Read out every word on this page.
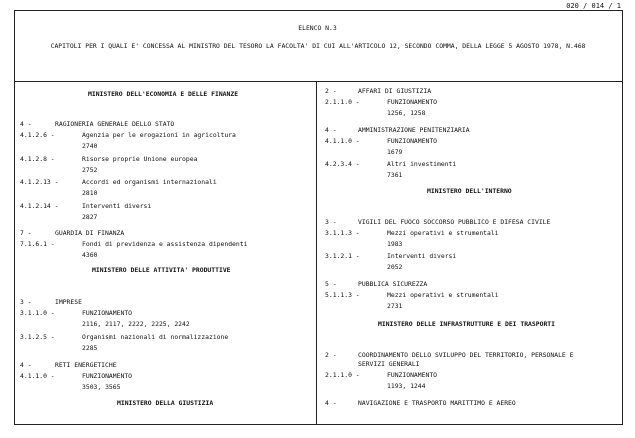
020 / 014 / 1
ELENCO N.3
CAPITOLI PER I QUALI E' CONCESSA AL MINISTRO DEL TESORO LA FACOLTA' DI CUI ALL'ARTICOLO 12, SECONDO COMMA, DELLA LEGGE 5 AGOSTO 1978, N.468
MINISTERO DELL'ECONOMIA E DELLE FINANZE
4 -	RAGIONERIA GENERALE DELLO STATO
4.1.2.6 -	Agenzia per le erogazioni in agricoltura
2740
4.1.2.8 -	Risorse proprie Unione europea
2752
4.1.2.13 -	Accordi ed organismi internazionali
2810
4.1.2.14 -	Interventi diversi
2827
7 -	GUARDIA DI FINANZA
7.1.6.1 -	Fondi di previdenza e assistenza dipendenti
4360
MINISTERO DELLE ATTIVITA' PRODUTTIVE
3 -	IMPRESE
3.1.1.0 -	FUNZIONAMENTO
2116, 2117, 2222, 2225, 2242
3.1.2.5 -	Organismi nazionali di normalizzazione
2285
4 -	RETI ENERGETICHE
4.1.1.0 -	FUNZIONAMENTO
3503, 3565
MINISTERO DELLA GIUSTIZIA
2 -	AFFARI DI GIUSTIZIA
2.1.1.0 -	FUNZIONAMENTO
1256, 1258
4 -	AMMINISTRAZIONE PENITENZIARIA
4.1.1.0 -	FUNZIONAMENTO
1679
4.2.3.4 -	Altri investimenti
7361
MINISTERO DELL'INTERNO
3 -	VIGILI DEL FUOCO SOCCORSO PUBBLICO E DIFESA CIVILE
3.1.1.3 -	Mezzi operativi e strumentali
1983
3.1.2.1 -	Interventi diversi
2052
5 -	PUBBLICA SICUREZZA
5.1.1.3 -	Mezzi operativi e strumentali
2731
MINISTERO DELLE INFRASTRUTTURE E DEI TRASPORTI
2 -	COORDINAMENTO DELLO SVILUPPO DEL TERRITORIO, PERSONALE E
SERVIZI GENERALI
2.1.1.0 -	FUNZIONAMENTO
1193, 1244
4 -	NAVIGAZIONE E TRASPORTO MARITTIMO E AEREO
